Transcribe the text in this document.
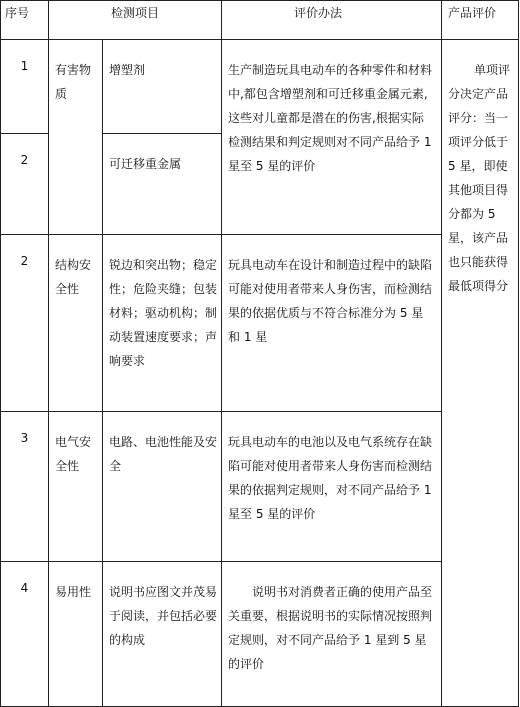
序号	检测项目		评价办法	产品评价
1	有害物质	增塑剂	生产制造玩具电动车的各种零件和材料中,都包含增塑剂和可迁移重金属元素,这些对儿童都是潜在的伤害,根据实际检测结果和判定规则对不同产品给予 1 星至 5 星的评价	单项评分决定产品评分：当一项评分低于 5 星，即使其他项目得分都为 5 星，该产品也只能获得最低项得分
2		可迁移重金属		
2	结构安全性	锐边和突出物；稳定性；危险夹缝；包装材料；驱动机构；制动装置速度要求；声响要求	玩具电动车在设计和制造过程中的缺陷可能对使用者带来人身伤害，而检测结果的依据优质与不符合标准分为 5 星和 1 星	
3	电气安全性	电路、电池性能及安全	玩具电动车的电池以及电气系统存在缺陷可能对使用者带来人身伤害而检测结果的依据判定规则，对不同产品给予 1 星至 5 星的评价	
4	易用性	说明书应图文并茂易于阅读，并包括必要的构成	说明书对消费者正确的使用产品至关重要，根据说明书的实际情况按照判定规则，对不同产品给予 1 星到 5 星的评价	
